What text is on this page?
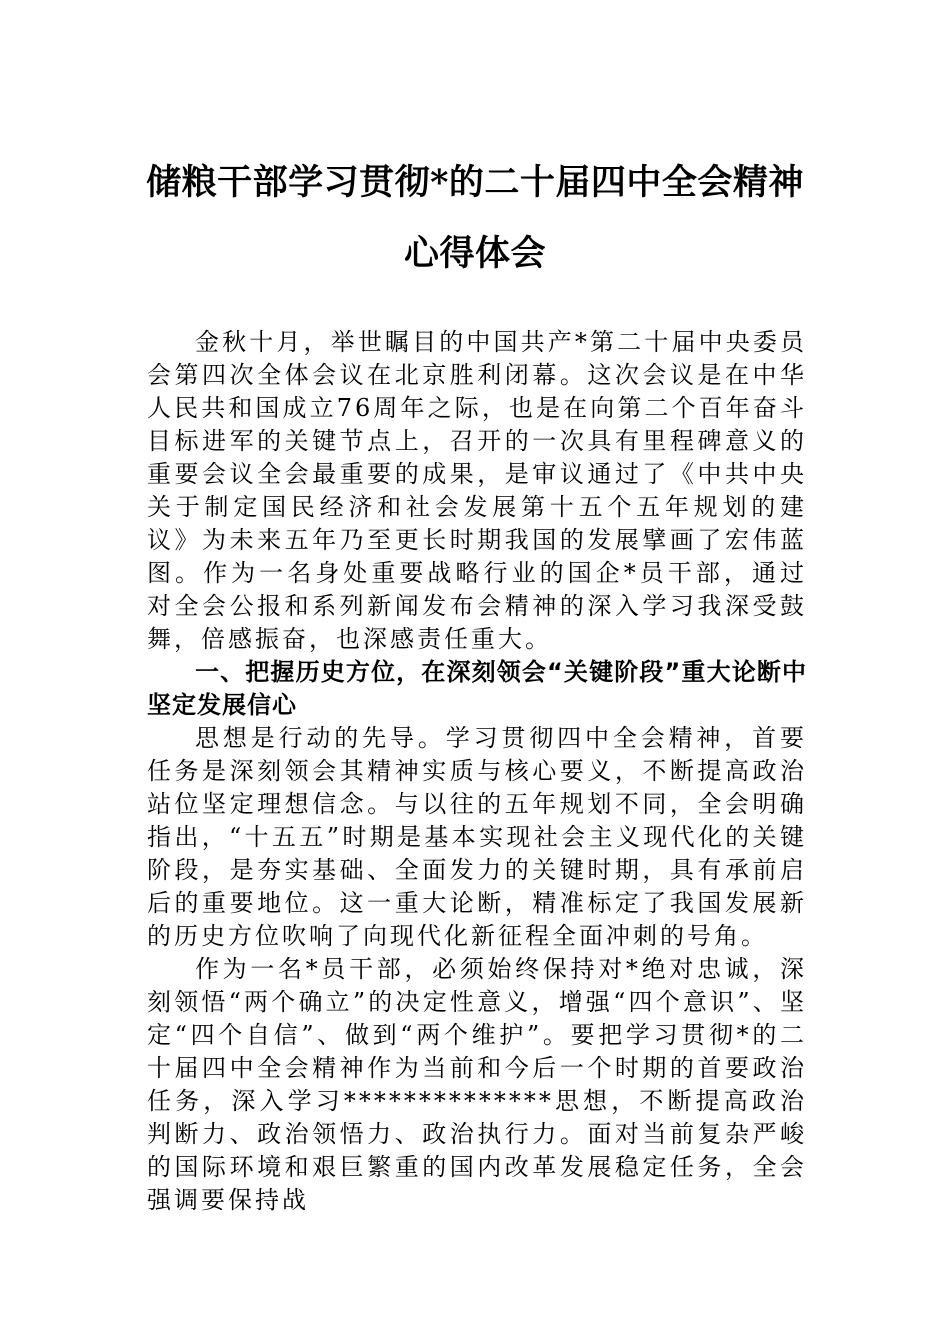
储粮干部学习贯彻*的二十届四中全会精神
心得体会

金秋十月，举世瞩目的中国共产*第二十届中央委员会第四次全体会议在北京胜利闭幕。这次会议是在中华人民共和国成立76周年之际，也是在向第二个百年奋斗目标进军的关键节点上，召开的一次具有里程碑意义的重要会议全会最重要的成果，是审议通过了《中共中央关于制定国民经济和社会发展第十五个五年规划的建议》为未来五年乃至更长时期我国的发展擘画了宏伟蓝图。作为一名身处重要战略行业的国企*员干部，通过对全会公报和系列新闻发布会精神的深入学习我深受鼓舞，倍感振奋，也深感责任重大。

一、把握历史方位，在深刻领会“关键阶段”重大论断中坚定发展信心

思想是行动的先导。学习贯彻四中全会精神，首要任务是深刻领会其精神实质与核心要义，不断提高政治站位坚定理想信念。与以往的五年规划不同，全会明确指出，“十五五”时期是基本实现社会主义现代化的关键阶段，是夯实基础、全面发力的关键时期，具有承前启后的重要地位。这一重大论断，精准标定了我国发展新的历史方位吹响了向现代化新征程全面冲刺的号角。

作为一名*员干部，必须始终保持对*绝对忠诚，深刻领悟“两个确立”的决定性意义，增强“四个意识”、坚定“四个自信”、做到“两个维护”。要把学习贯彻*的二十届四中全会精神作为当前和今后一个时期的首要政治任务，深入学习**************思想，不断提高政治判断力、政治领悟力、政治执行力。面对当前复杂严峻的国际环境和艰巨繁重的国内改革发展稳定任务，全会强调要保持战
